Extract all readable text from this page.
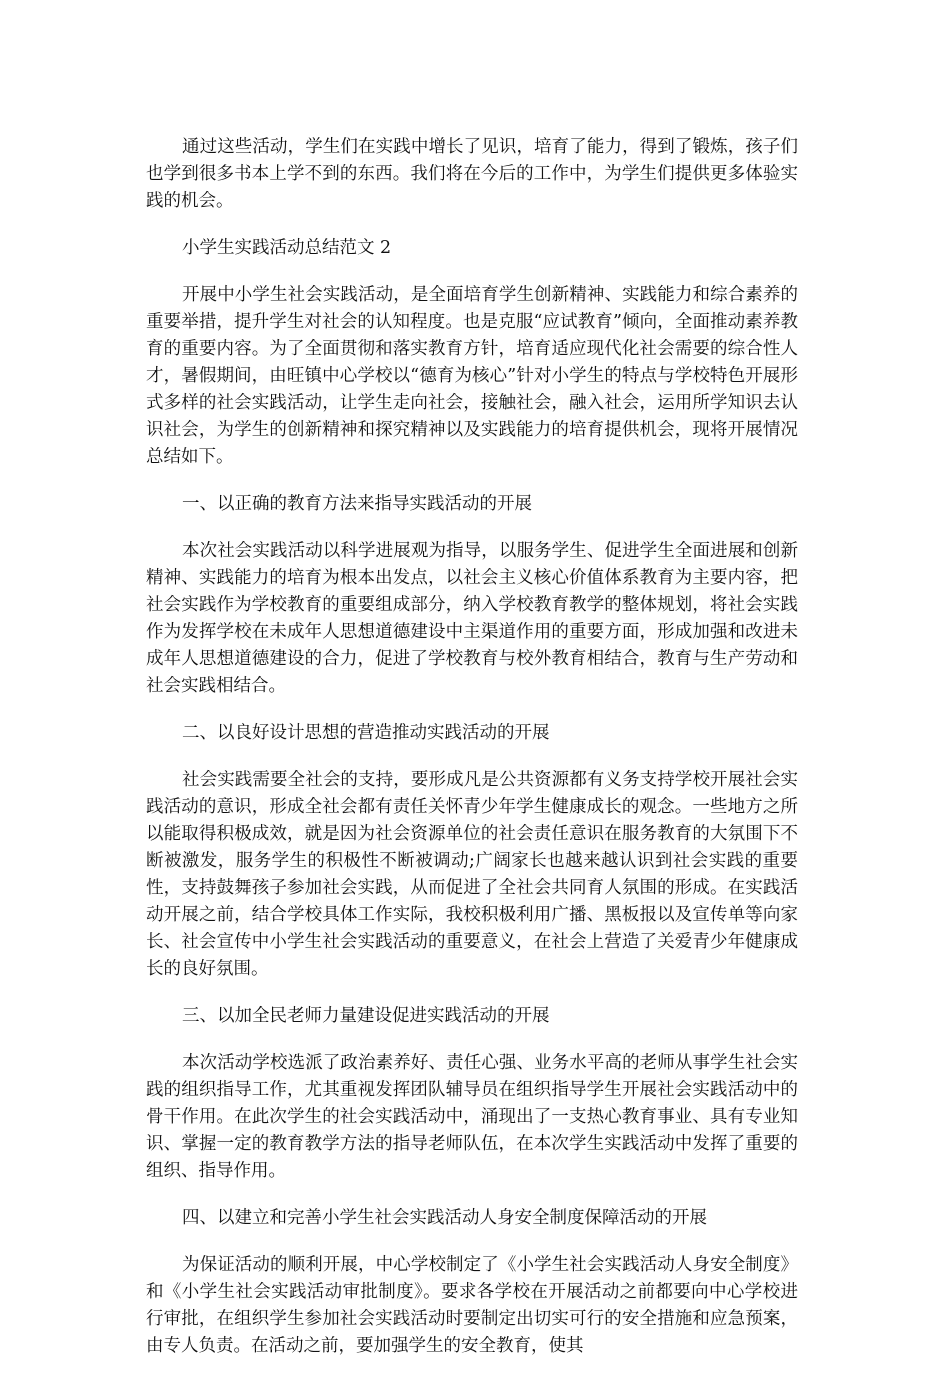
通过这些活动，学生们在实践中增长了见识，培育了能力，得到了锻炼，孩子们也学到很多书本上学不到的东西。我们将在今后的工作中，为学生们提供更多体验实践的机会。

小学生实践活动总结范文 2

开展中小学生社会实践活动，是全面培育学生创新精神、实践能力和综合素养的重要举措，提升学生对社会的认知程度。也是克服“应试教育”倾向，全面推动素养教育的重要内容。为了全面贯彻和落实教育方针，培育适应现代化社会需要的综合性人才，暑假期间，由旺镇中心学校以“德育为核心”针对小学生的特点与学校特色开展形式多样的社会实践活动，让学生走向社会，接触社会，融入社会，运用所学知识去认识社会，为学生的创新精神和探究精神以及实践能力的培育提供机会，现将开展情况总结如下。

一、以正确的教育方法来指导实践活动的开展

本次社会实践活动以科学进展观为指导，以服务学生、促进学生全面进展和创新精神、实践能力的培育为根本出发点，以社会主义核心价值体系教育为主要内容，把社会实践作为学校教育的重要组成部分，纳入学校教育教学的整体规划，将社会实践作为发挥学校在未成年人思想道德建设中主渠道作用的重要方面，形成加强和改进未成年人思想道德建设的合力，促进了学校教育与校外教育相结合，教育与生产劳动和社会实践相结合。

二、以良好设计思想的营造推动实践活动的开展

社会实践需要全社会的支持，要形成凡是公共资源都有义务支持学校开展社会实践活动的意识，形成全社会都有责任关怀青少年学生健康成长的观念。一些地方之所以能取得积极成效，就是因为社会资源单位的社会责任意识在服务教育的大氛围下不断被激发，服务学生的积极性不断被调动;广阔家长也越来越认识到社会实践的重要性，支持鼓舞孩子参加社会实践，从而促进了全社会共同育人氛围的形成。在实践活动开展之前，结合学校具体工作实际，我校积极利用广播、黑板报以及宣传单等向家长、社会宣传中小学生社会实践活动的重要意义，在社会上营造了关爱青少年健康成长的良好氛围。

三、以加全民老师力量建设促进实践活动的开展

本次活动学校选派了政治素养好、责任心强、业务水平高的老师从事学生社会实践的组织指导工作，尤其重视发挥团队辅导员在组织指导学生开展社会实践活动中的骨干作用。在此次学生的社会实践活动中，涌现出了一支热心教育事业、具有专业知识、掌握一定的教育教学方法的指导老师队伍，在本次学生实践活动中发挥了重要的组织、指导作用。

四、以建立和完善小学生社会实践活动人身安全制度保障活动的开展

为保证活动的顺利开展，中心学校制定了《小学生社会实践活动人身安全制度》和《小学生社会实践活动审批制度》。要求各学校在开展活动之前都要向中心学校进行审批，在组织学生参加社会实践活动时要制定出切实可行的安全措施和应急预案，由专人负责。在活动之前，要加强学生的安全教育，使其
